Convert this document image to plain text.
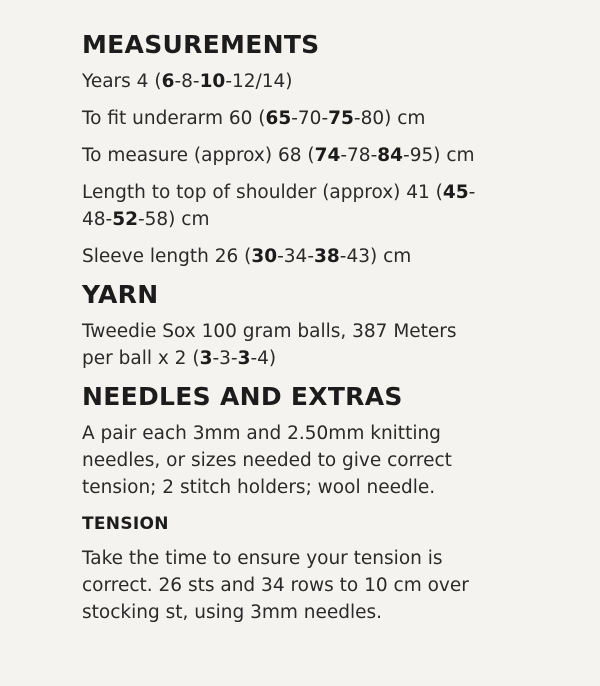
MEASUREMENTS

Years 4 (6-8-10-12/14)

To fit underarm 60 (65-70-75-80) cm

To measure (approx) 68 (74-78-84-95) cm

Length to top of shoulder (approx) 41 (45-

48-52-58) cm

Sleeve length 26 (30-34-38-43) cm

YARN

Tweedie Sox 100 gram balls, 387 Meters

per ball x 2 (3-3-3-4)

NEEDLES AND EXTRAS

A pair each 3mm and 2.50mm knitting

needles, or sizes needed to give correct

tension; 2 stitch holders; wool needle.

TENSION

Take the time to ensure your tension is

correct. 26 sts and 34 rows to 10 cm over

stocking st, using 3mm needles.
